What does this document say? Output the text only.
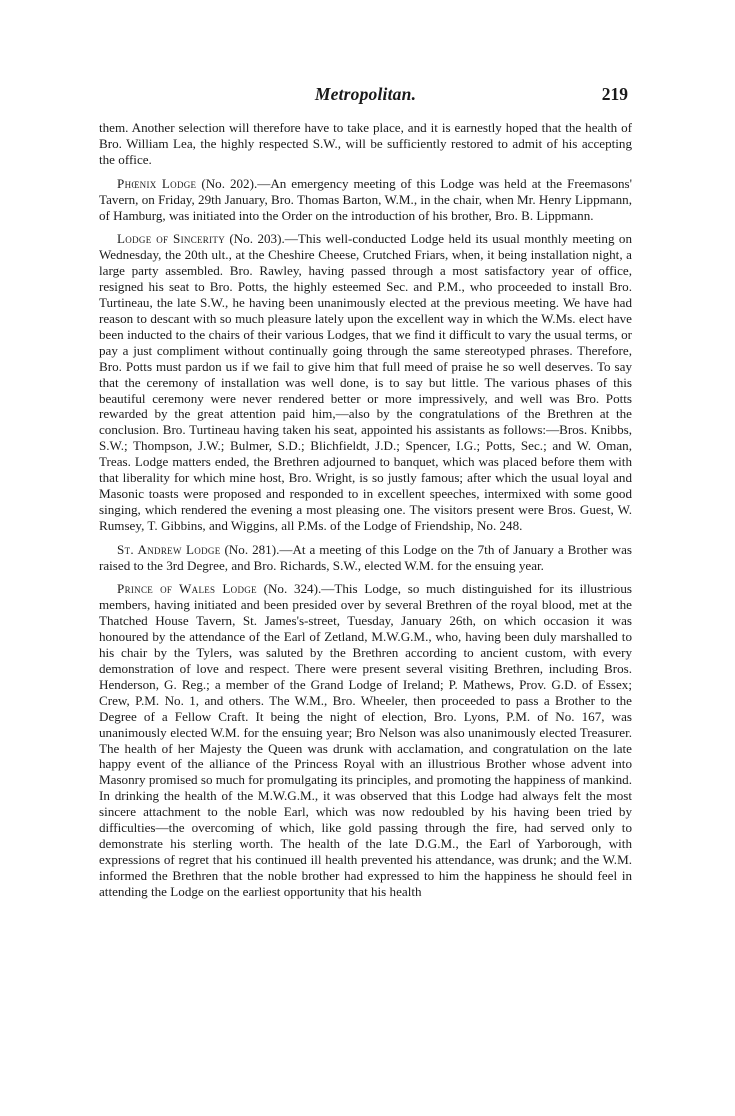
Metropolitan.	219

them. Another selection will therefore have to take place, and it is earnestly hoped that the health of Bro. William Lea, the highly respected S.W., will be sufficiently restored to admit of his accepting the office.

Phœnix Lodge (No. 202).—An emergency meeting of this Lodge was held at the Freemasons' Tavern, on Friday, 29th January, Bro. Thomas Barton, W.M., in the chair, when Mr. Henry Lippmann, of Hamburg, was initiated into the Order on the introduction of his brother, Bro. B. Lippmann.

Lodge of Sincerity (No. 203).—This well-conducted Lodge held its usual monthly meeting on Wednesday, the 20th ult., at the Cheshire Cheese, Crutched Friars, when, it being installation night, a large party assembled. Bro. Rawley, having passed through a most satisfactory year of office, resigned his seat to Bro. Potts, the highly esteemed Sec. and P.M., who proceeded to install Bro. Turtineau, the late S.W., he having been unanimously elected at the previous meeting. We have had reason to descant with so much pleasure lately upon the excellent way in which the W.Ms. elect have been inducted to the chairs of their various Lodges, that we find it difficult to vary the usual terms, or pay a just compliment without continually going through the same stereotyped phrases. Therefore, Bro. Potts must pardon us if we fail to give him that full meed of praise he so well deserves. To say that the ceremony of installation was well done, is to say but little. The various phases of this beautiful ceremony were never rendered better or more impressively, and well was Bro. Potts rewarded by the great attention paid him,—also by the congratulations of the Brethren at the conclusion. Bro. Turtineau having taken his seat, appointed his assistants as follows:—Bros. Knibbs, S.W.; Thompson, J.W.; Bulmer, S.D.; Blichfieldt, J.D.; Spencer, I.G.; Potts, Sec.; and W. Oman, Treas. Lodge matters ended, the Brethren adjourned to banquet, which was placed before them with that liberality for which mine host, Bro. Wright, is so justly famous; after which the usual loyal and Masonic toasts were proposed and responded to in excellent speeches, intermixed with some good singing, which rendered the evening a most pleasing one. The visitors present were Bros. Guest, W. Rumsey, T. Gibbins, and Wiggins, all P.Ms. of the Lodge of Friendship, No. 248.

St. Andrew Lodge (No. 281).—At a meeting of this Lodge on the 7th of January a Brother was raised to the 3rd Degree, and Bro. Richards, S.W., elected W.M. for the ensuing year.

Prince of Wales Lodge (No. 324).—This Lodge, so much distinguished for its illustrious members, having initiated and been presided over by several Brethren of the royal blood, met at the Thatched House Tavern, St. James's-street, Tuesday, January 26th, on which occasion it was honoured by the attendance of the Earl of Zetland, M.W.G.M., who, having been duly marshalled to his chair by the Tylers, was saluted by the Brethren according to ancient custom, with every demonstration of love and respect. There were present several visiting Brethren, including Bros. Henderson, G. Reg.; a member of the Grand Lodge of Ireland; P. Mathews, Prov. G.D. of Essex; Crew, P.M. No. 1, and others. The W.M., Bro. Wheeler, then proceeded to pass a Brother to the Degree of a Fellow Craft. It being the night of election, Bro. Lyons, P.M. of No. 167, was unanimously elected W.M. for the ensuing year; Bro Nelson was also unanimously elected Treasurer. The health of her Majesty the Queen was drunk with acclamation, and congratulation on the late happy event of the alliance of the Princess Royal with an illustrious Brother whose advent into Masonry promised so much for promulgating its principles, and promoting the happiness of mankind. In drinking the health of the M.W.G.M., it was observed that this Lodge had always felt the most sincere attachment to the noble Earl, which was now redoubled by his having been tried by difficulties—the overcoming of which, like gold passing through the fire, had served only to demonstrate his sterling worth. The health of the late D.G.M., the Earl of Yarborough, with expressions of regret that his continued ill health prevented his attendance, was drunk; and the W.M. informed the Brethren that the noble brother had expressed to him the happiness he should feel in attending the Lodge on the earliest opportunity that his health
